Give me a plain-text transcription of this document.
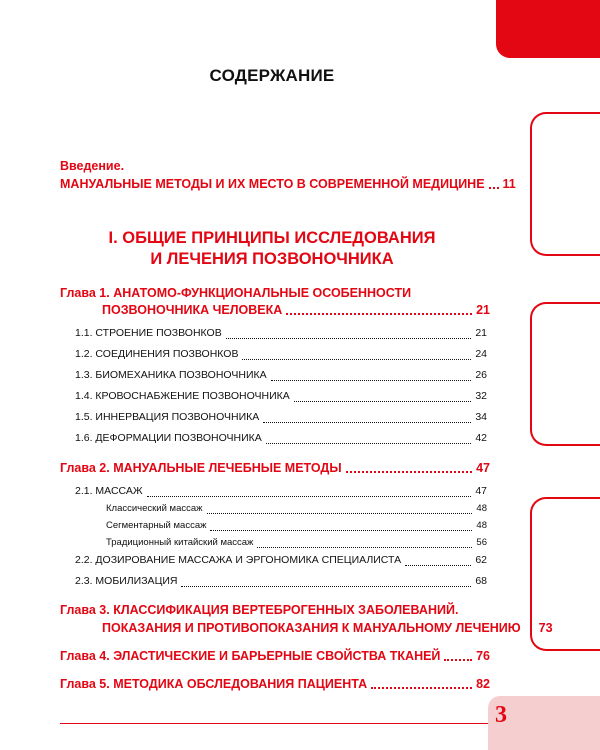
СОДЕРЖАНИЕ
Введение.
МАНУАЛЬНЫЕ МЕТОДЫ И ИХ МЕСТО В СОВРЕМЕННОЙ МЕДИЦИНЕ 11
I. ОБЩИЕ ПРИНЦИПЫ ИССЛЕДОВАНИЯ
И ЛЕЧЕНИЯ ПОЗВОНОЧНИКА
Глава 1. АНАТОМО-ФУНКЦИОНАЛЬНЫЕ ОСОБЕННОСТИ
ПОЗВОНОЧНИКА ЧЕЛОВЕКА	21
1.1. СТРОЕНИЕ ПОЗВОНКОВ	21
1.2. СОЕДИНЕНИЯ ПОЗВОНКОВ	24
1.3. БИОМЕХАНИКА ПОЗВОНОЧНИКА	26
1.4. КРОВОСНАБЖЕНИЕ ПОЗВОНОЧНИКА	32
1.5. ИННЕРВАЦИЯ ПОЗВОНОЧНИКА	34
1.6. ДЕФОРМАЦИИ ПОЗВОНОЧНИКА	42
Глава 2. МАНУАЛЬНЫЕ ЛЕЧЕБНЫЕ МЕТОДЫ	47
2.1. МАССАЖ	47
Классический массаж	48
Сегментарный массаж	48
Традиционный китайский массаж	56
2.2. ДОЗИРОВАНИЕ МАССАЖА И ЭРГОНОМИКА СПЕЦИАЛИСТА	62
2.3. МОБИЛИЗАЦИЯ	68
Глава 3. КЛАССИФИКАЦИЯ ВЕРТЕБРОГЕННЫХ ЗАБОЛЕВАНИЙ.
ПОКАЗАНИЯ И ПРОТИВОПОКАЗАНИЯ К МАНУАЛЬНОМУ ЛЕЧЕНИЮ 73
Глава 4. ЭЛАСТИЧЕСКИЕ И БАРЬЕРНЫЕ СВОЙСТВА ТКАНЕЙ	76
Глава 5. МЕТОДИКА ОБСЛЕДОВАНИЯ ПАЦИЕНТА	82
3
